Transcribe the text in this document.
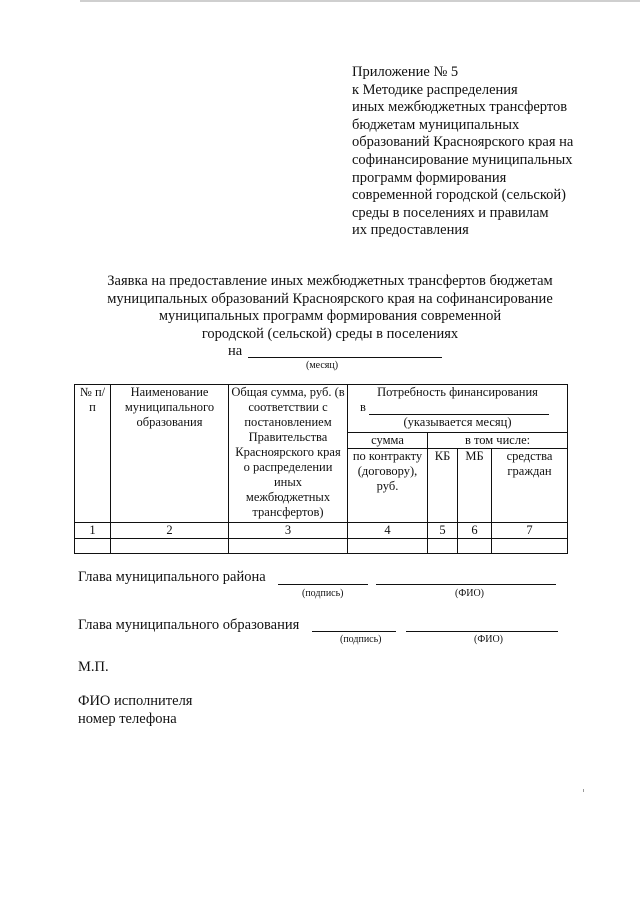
Приложение № 5
к Методике распределения
иных межбюджетных трансфертов
бюджетам муниципальных
образований Красноярского края на
софинансирование муниципальных
программ формирования
современной городской (сельской)
среды в поселениях и правилам
их предоставления
Заявка на предоставление иных межбюджетных трансфертов бюджетам
муниципальных образований Красноярского края на софинансирование
муниципальных программ формирования современной
городской (сельской) среды в поселениях
на
(месяц)
№ п/п	Наименование муниципального образования	Общая сумма, руб. (в соответствии с постановлением Правительства Красноярского края о распределении иных межбюджетных трансфертов)	Потребность финансирования
в
(указывается месяц)			

			сумма	в том числе:		
			по контракту (договору), руб.	КБ	МБ	средства граждан
1	2	3	4	5	6	7

Глава муниципального района
(подпись)	(ФИО)
Глава муниципального образования
(подпись)	(ФИО)
М.П.
ФИО исполнителя
номер телефона
